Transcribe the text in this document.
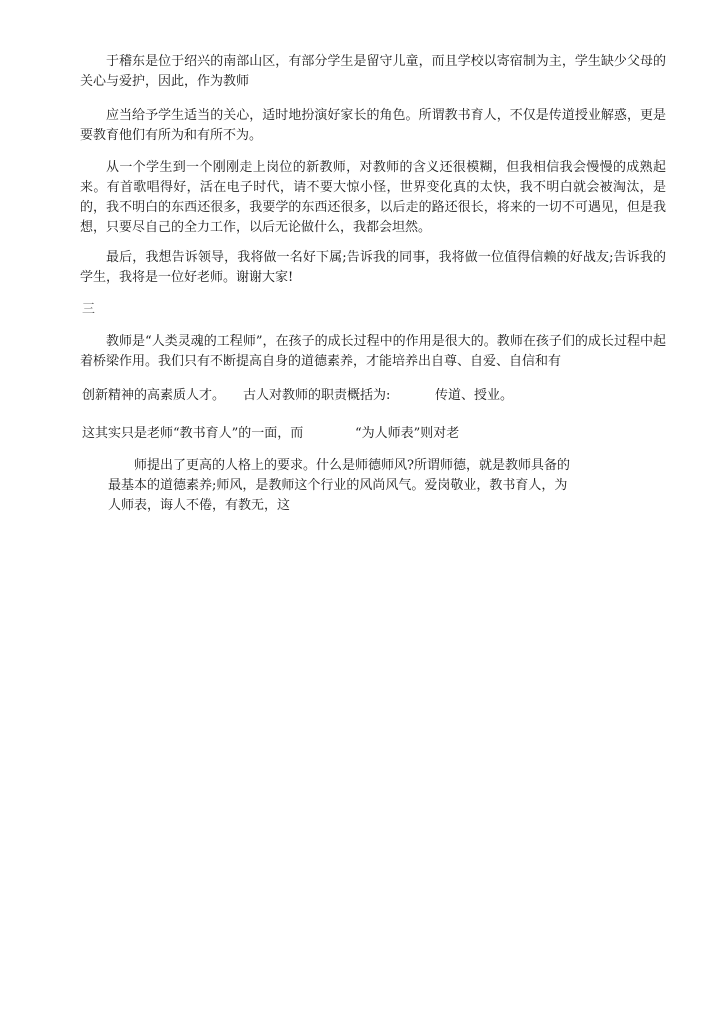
于稽东是位于绍兴的南部山区，有部分学生是留守儿童，而且学校以寄宿制为主，学生缺少父母的关心与爱护，因此，作为教师

应当给予学生适当的关心，适时地扮演好家长的角色。所谓教书育人，不仅是传道授业解惑，更是要教育他们有所为和有所不为。

从一个学生到一个刚刚走上岗位的新教师，对教师的含义还很模糊，但我相信我会慢慢的成熟起来。有首歌唱得好，活在电子时代，请不要大惊小怪，世界变化真的太快，我不明白就会被淘汰，是的，我不明白的东西还很多，我要学的东西还很多，以后走的路还很长，将来的一切不可遇见，但是我想，只要尽自己的全力工作，以后无论做什么，我都会坦然。

最后，我想告诉领导，我将做一名好下属;告诉我的同事，我将做一位值得信赖的好战友;告诉我的学生，我将是一位好老师。谢谢大家!

三

教师是“人类灵魂的工程师”，在孩子的成长过程中的作用是很大的。教师在孩子们的成长过程中起着桥梁作用。我们只有不断提高自身的道德素养，才能培养出自尊、自爱、自信和有

创新精神的高素质人才。 古人对教师的职责概括为:	传道、授业。
这其实只是老师“教书育人”的一面，而	“为人师表”则对老
师提出了更高的人格上的要求。什么是师德师风?所谓师德，就是教师具备的
最基本的道德素养;师风，是教师这个行业的风尚风气。爱岗敬业，教书育人，为
人师表，诲人不倦，有教无，这
